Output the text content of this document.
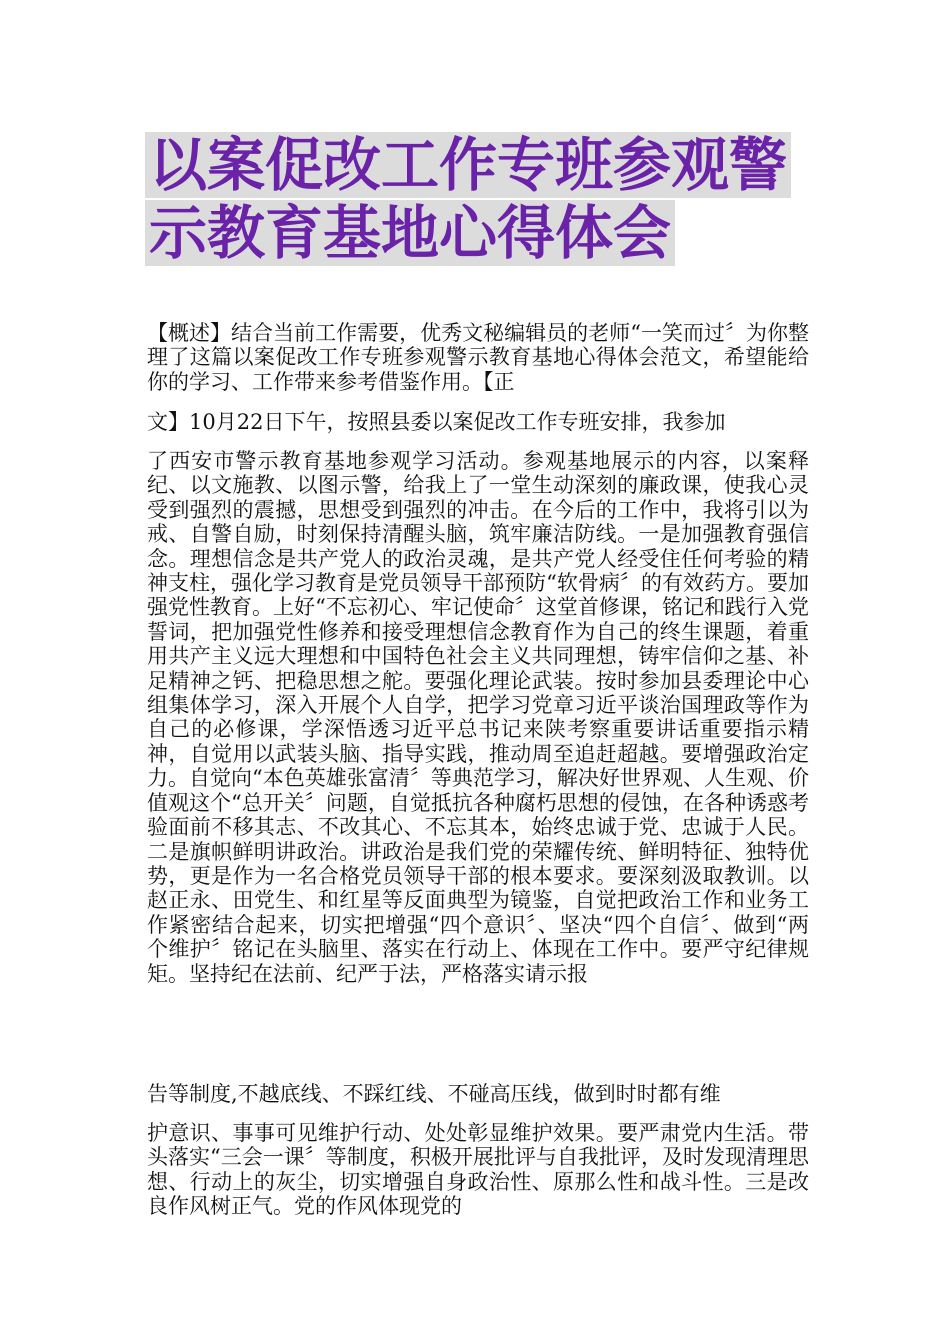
以案促改工作专班参观警
示教育基地心得体会
【概述】结合当前工作需要，优秀文秘编辑员的老师“一笑而过〞为你整理了这篇以案促改工作专班参观警示教育基地心得体会范文，希望能给你的学习、工作带来参考借鉴作用。【正
文】10月22日下午，按照县委以案促改工作专班安排，我参加
了西安市警示教育基地参观学习活动。参观基地展示的内容，以案释纪、以文施教、以图示警，给我上了一堂生动深刻的廉政课，使我心灵受到强烈的震撼，思想受到强烈的冲击。在今后的工作中，我将引以为戒、自警自励，时刻保持清醒头脑，筑牢廉洁防线。一是加强教育强信念。理想信念是共产党人的政治灵魂，是共产党人经受住任何考验的精神支柱，强化学习教育是党员领导干部预防“软骨病〞的有效药方。要加强党性教育。上好“不忘初心、牢记使命〞这堂首修课，铭记和践行入党誓词，把加强党性修养和接受理想信念教育作为自己的终生课题，着重用共产主义远大理想和中国特色社会主义共同理想，铸牢信仰之基、补足精神之钙、把稳思想之舵。要强化理论武装。按时参加县委理论中心组集体学习，深入开展个人自学，把学习党章习近平谈治国理政等作为自己的必修课，学深悟透习近平总书记来陕考察重要讲话重要指示精神，自觉用以武装头脑、指导实践，推动周至追赶超越。要增强政治定力。自觉向“本色英雄张富清〞等典范学习，解决好世界观、人生观、价值观这个“总开关〞问题，自觉抵抗各种腐朽思想的侵蚀，在各种诱惑考验面前不移其志、不改其心、不忘其本，始终忠诚于党、忠诚于人民。二是旗帜鲜明讲政治。讲政治是我们党的荣耀传统、鲜明特征、独特优势，更是作为一名合格党员领导干部的根本要求。要深刻汲取教训。以赵正永、田党生、和红星等反面典型为镜鉴，自觉把政治工作和业务工作紧密结合起来，切实把增强“四个意识〞、坚决“四个自信〞、做到“两个维护〞铭记在头脑里、落实在行动上、体现在工作中。要严守纪律规矩。坚持纪在法前、纪严于法，严格落实请示报
告等制度,不越底线、不踩红线、不碰高压线，做到时时都有维
护意识、事事可见维护行动、处处彰显维护效果。要严肃党内生活。带头落实“三会一课〞等制度，积极开展批评与自我批评，及时发现清理思想、行动上的灰尘，切实增强自身政治性、原那么性和战斗性。三是改良作风树正气。党的作风体现党的
